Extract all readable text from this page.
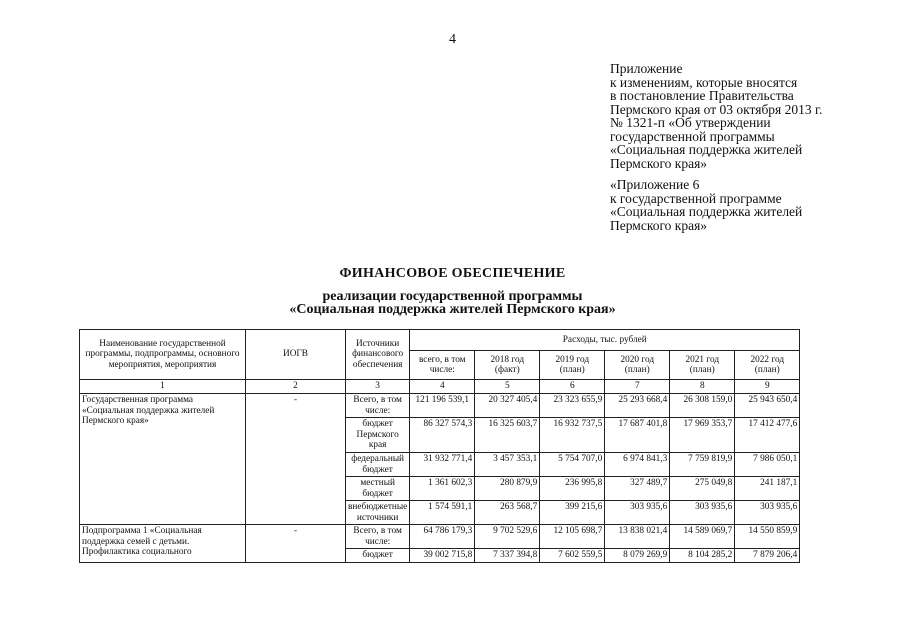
4
Приложение
к изменениям, которые вносятся
в постановление Правительства
Пермского края от 03 октября 2013 г.
№ 1321-п «Об утверждении
государственной программы
«Социальная поддержка жителей
Пермского края»
«Приложение 6
к государственной программе
«Социальная поддержка жителей
Пермского края»
ФИНАНСОВОЕ ОБЕСПЕЧЕНИЕ
реализации государственной программы
«Социальная поддержка жителей Пермского края»
Наименование государственной программы, подпрограммы, основного мероприятия, мероприятия	ИОГВ	Источники финансового обеспечения	Расходы, тыс. рублей					
			всего, в том числе:	2018 год (факт)	2019 год (план)	2020 год (план)	2021 год (план)	2022 год (план)
1	2	3	4	5	6	7	8	9
Государственная программа «Социальная поддержка жителей Пермского края»	-	Всего, в том числе:	121 196 539,1	20 327 405,4	23 323 655,9	25 293 668,4	26 308 159,0	25 943 650,4
		бюджет Пермского края	86 327 574,3	16 325 603,7	16 932 737,5	17 687 401,8	17 969 353,7	17 412 477,6
		федеральный бюджет	31 932 771,4	3 457 353,1	5 754 707,0	6 974 841,3	7 759 819,9	7 986 050,1
		местный бюджет	1 361 602,3	280 879,9	236 995,8	327 489,7	275 049,8	241 187,1
		внебюджетные источники	1 574 591,1	263 568,7	399 215,6	303 935,6	303 935,6	303 935,6
Подпрограмма 1 «Социальная поддержка семей с детьми. Профилактика социального	-	Всего, в том числе:	64 786 179,3	9 702 529,6	12 105 698,7	13 838 021,4	14 589 069,7	14 550 859,9
		бюджет	39 002 715,8	7 337 394,8	7 602 559,5	8 079 269,9	8 104 285,2	7 879 206,4
